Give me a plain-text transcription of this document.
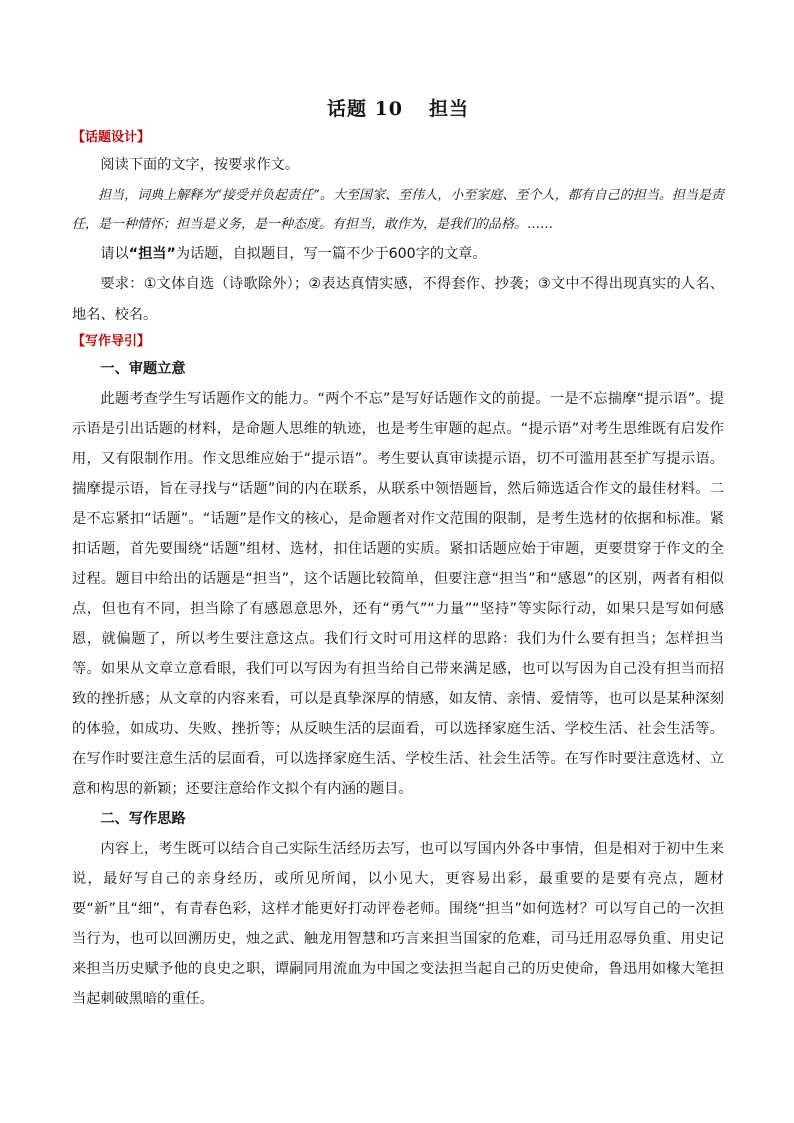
话题 10 担当

【话题设计】

阅读下面的文字，按要求作文。

担当，词典上解释为“接受并负起责任”。大至国家、至伟人，小至家庭、至个人，都有自己的担当。担当是责任，是一种情怀；担当是义务，是一种态度。有担当，敢作为，是我们的品格。……

请以“担当”为话题，自拟题目，写一篇不少于600字的文章。

要求：①文体自选（诗歌除外）；②表达真情实感，不得套作、抄袭；③文中不得出现真实的人名、地名、校名。

【写作导引】

一、审题立意

此题考查学生写话题作文的能力。“两个不忘”是写好话题作文的前提。一是不忘揣摩“提示语”。提示语是引出话题的材料，是命题人思维的轨迹，也是考生审题的起点。“提示语”对考生思维既有启发作用，又有限制作用。作文思维应始于“提示语”。考生要认真审读提示语，切不可滥用甚至扩写提示语。揣摩提示语，旨在寻找与“话题”间的内在联系，从联系中领悟题旨，然后筛选适合作文的最佳材料。二是不忘紧扣“话题”。“话题”是作文的核心，是命题者对作文范围的限制，是考生选材的依据和标准。紧扣话题，首先要围绕“话题”组材、选材，扣住话题的实质。紧扣话题应始于审题，更要贯穿于作文的全过程。题目中给出的话题是“担当”，这个话题比较简单，但要注意“担当”和“感恩”的区别，两者有相似点，但也有不同，担当除了有感恩意思外，还有“勇气”“力量”“坚持”等实际行动，如果只是写如何感恩，就偏题了，所以考生要注意这点。我们行文时可用这样的思路：我们为什么要有担当；怎样担当等。如果从文章立意看眼，我们可以写因为有担当给自己带来满足感，也可以写因为自己没有担当而招致的挫折感；从文章的内容来看，可以是真挚深厚的情感，如友情、亲情、爱情等，也可以是某种深刻的体验，如成功、失败、挫折等；从反映生活的层面看，可以选择家庭生活、学校生活、社会生活等。在写作时要注意生活的层面看，可以选择家庭生活、学校生活、社会生活等。在写作时要注意选材、立意和构思的新颖；还要注意给作文拟个有内涵的题目。

二、写作思路

内容上，考生既可以结合自己实际生活经历去写，也可以写国内外各中事情，但是相对于初中生来说，最好写自己的亲身经历，或所见所闻，以小见大，更容易出彩，最重要的是要有亮点，题材要“新”且“细”，有青春色彩，这样才能更好打动评卷老师。围绕“担当”如何选材？可以写自己的一次担当行为，也可以回溯历史，烛之武、触龙用智慧和巧言来担当国家的危难，司马迁用忍辱负重、用史记来担当历史赋予他的良史之职，谭嗣同用流血为中国之变法担当起自己的历史使命，鲁迅用如椽大笔担当起刺破黑暗的重任。
